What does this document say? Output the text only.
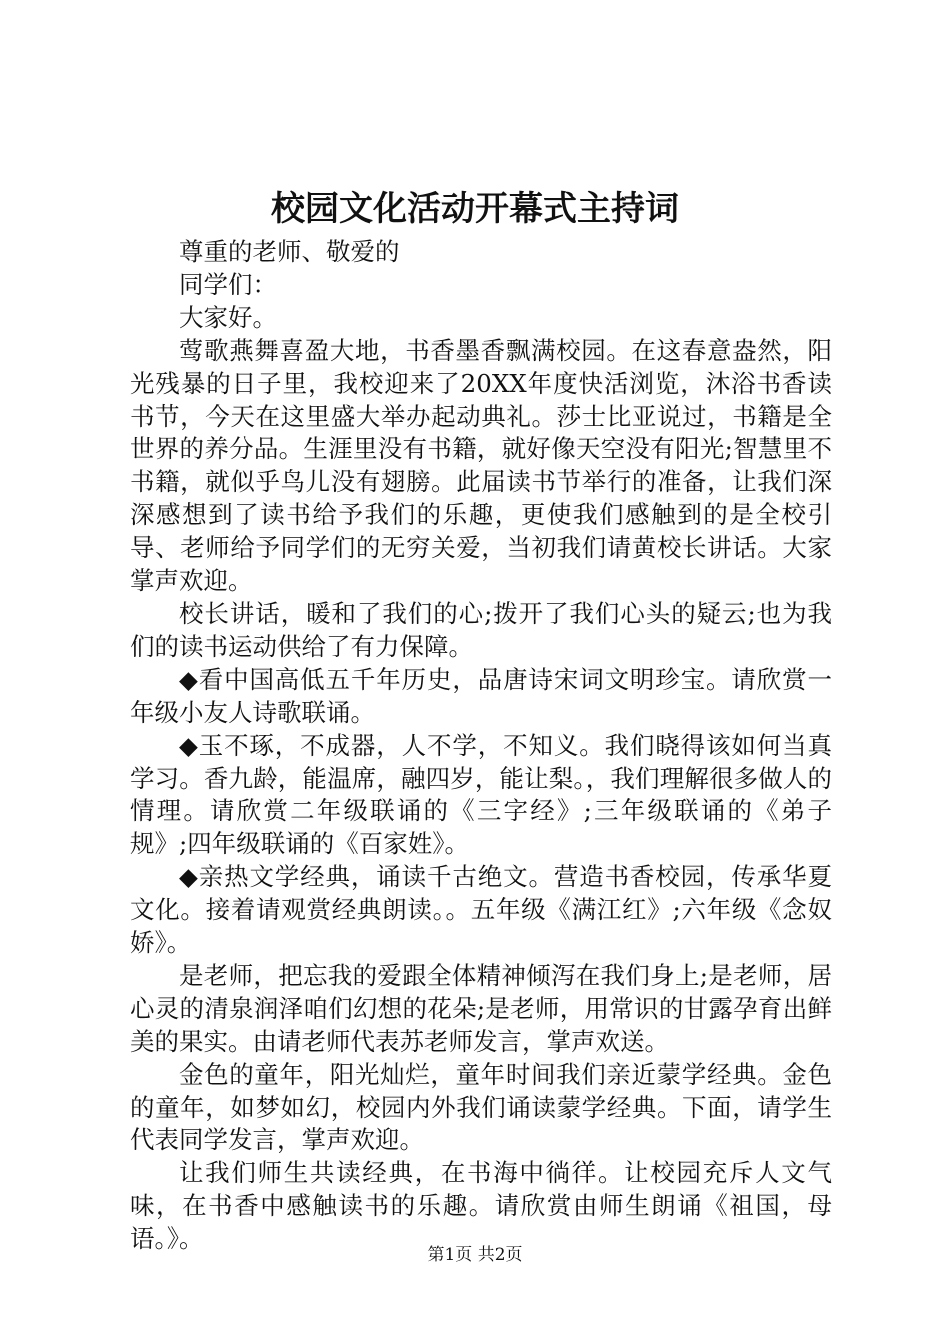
校园文化活动开幕式主持词

尊重的老师、敬爱的

同学们：

大家好。

莺歌燕舞喜盈大地，书香墨香飘满校园。在这春意盎然，阳光残暴的日子里，我校迎来了20XX年度快活浏览，沐浴书香读书节，今天在这里盛大举办起动典礼。莎士比亚说过，书籍是全世界的养分品。生涯里没有书籍，就好像天空没有阳光;智慧里不书籍，就似乎鸟儿没有翅膀。此届读书节举行的准备，让我们深深感想到了读书给予我们的乐趣，更使我们感触到的是全校引导、老师给予同学们的无穷关爱，当初我们请黄校长讲话。大家掌声欢迎。

校长讲话，暖和了我们的心;拨开了我们心头的疑云;也为我们的读书运动供给了有力保障。

◆看中国高低五千年历史，品唐诗宋词文明珍宝。请欣赏一年级小友人诗歌联诵。

◆玉不琢，不成器，人不学，不知义。我们晓得该如何当真学习。香九龄，能温席，融四岁，能让梨。，我们理解很多做人的情理。请欣赏二年级联诵的《三字经》;三年级联诵的《弟子规》;四年级联诵的《百家姓》。

◆亲热文学经典，诵读千古绝文。营造书香校园，传承华夏文化。接着请观赏经典朗读。。五年级《满江红》;六年级《念奴娇》。

是老师，把忘我的爱跟全体精神倾泻在我们身上;是老师，居心灵的清泉润泽咱们幻想的花朵;是老师，用常识的甘露孕育出鲜美的果实。由请老师代表苏老师发言，掌声欢送。

金色的童年，阳光灿烂，童年时间我们亲近蒙学经典。金色的童年，如梦如幻，校园内外我们诵读蒙学经典。下面，请学生代表同学发言，掌声欢迎。

让我们师生共读经典，在书海中徜徉。让校园充斥人文气味，在书香中感触读书的乐趣。请欣赏由师生朗诵《祖国，母语。》。

第1页 共2页
